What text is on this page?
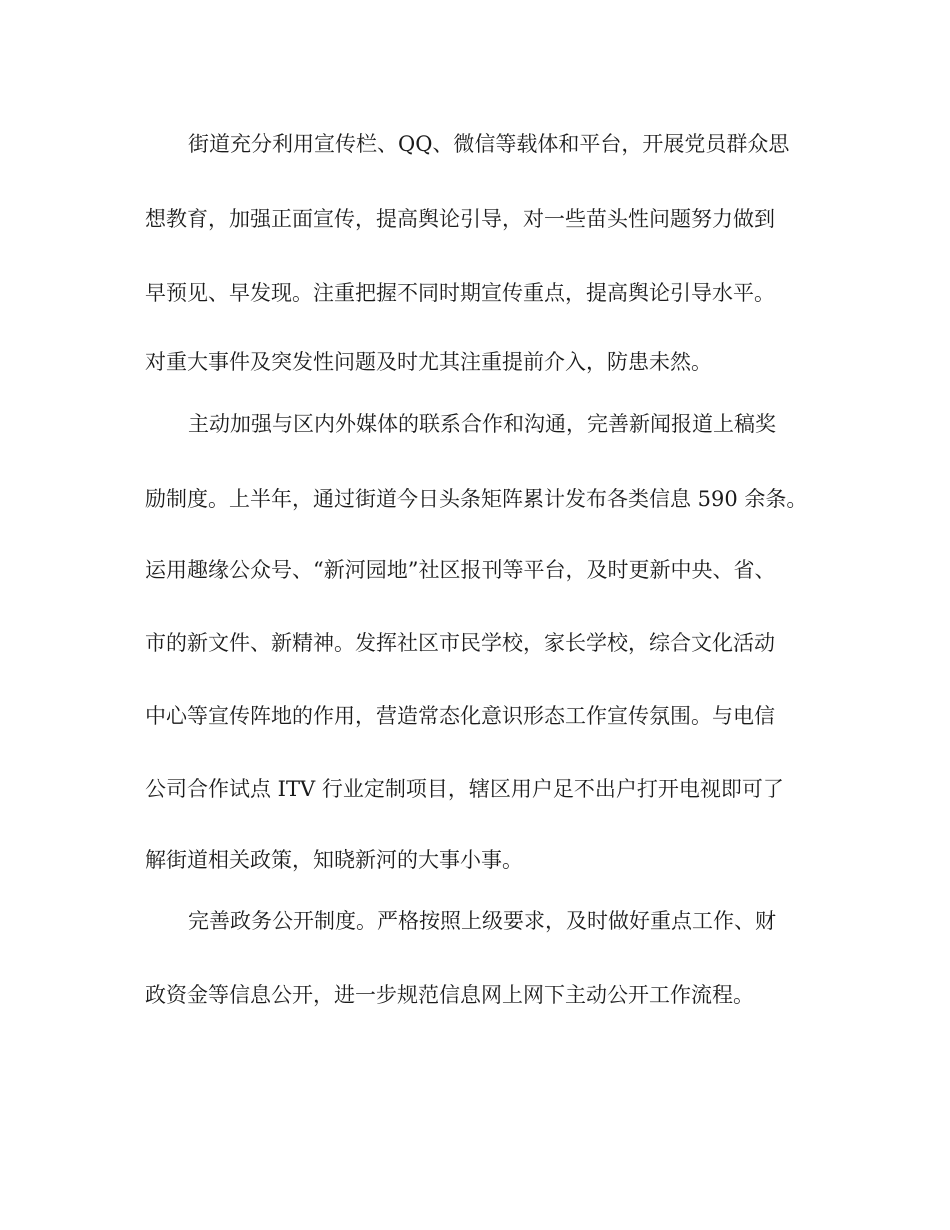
街道充分利用宣传栏、QQ、微信等载体和平台，开展党员群众思
想教育，加强正面宣传，提高舆论引导，对一些苗头性问题努力做到
早预见、早发现。注重把握不同时期宣传重点，提高舆论引导水平。
对重大事件及突发性问题及时尤其注重提前介入，防患未然。
主动加强与区内外媒体的联系合作和沟通，完善新闻报道上稿奖
励制度。上半年，通过街道今日头条矩阵累计发布各类信息 590 余条。
运用趣缘公众号、“新河园地”社区报刊等平台，及时更新中央、省、
市的新文件、新精神。发挥社区市民学校，家长学校，综合文化活动
中心等宣传阵地的作用，营造常态化意识形态工作宣传氛围。与电信
公司合作试点 ITV 行业定制项目，辖区用户足不出户打开电视即可了
解街道相关政策，知晓新河的大事小事。
完善政务公开制度。严格按照上级要求，及时做好重点工作、财
政资金等信息公开，进一步规范信息网上网下主动公开工作流程。
